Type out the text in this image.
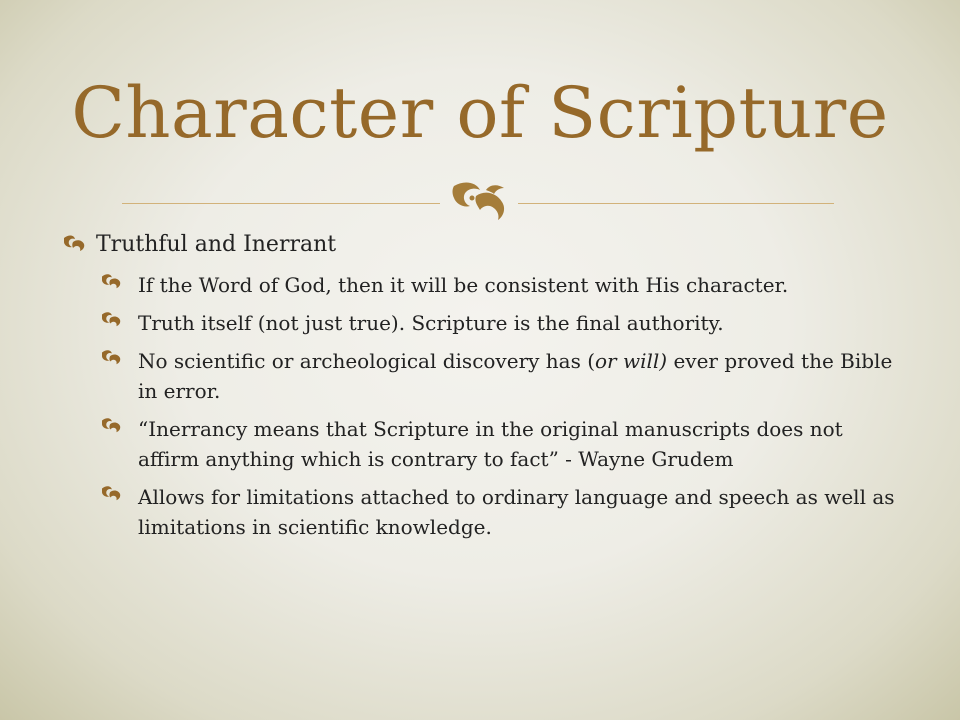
Character of Scripture
Truthful and Inerrant
If the Word of God, then it will be consistent with His character.
Truth itself (not just true). Scripture is the final authority.
No scientific or archeological discovery has (or will) ever proved the Bible in error.
“Inerrancy means that Scripture in the original manuscripts does not affirm anything which is contrary to fact” - Wayne Grudem
Allows for limitations attached to ordinary language and speech as well as limitations in scientific knowledge.
